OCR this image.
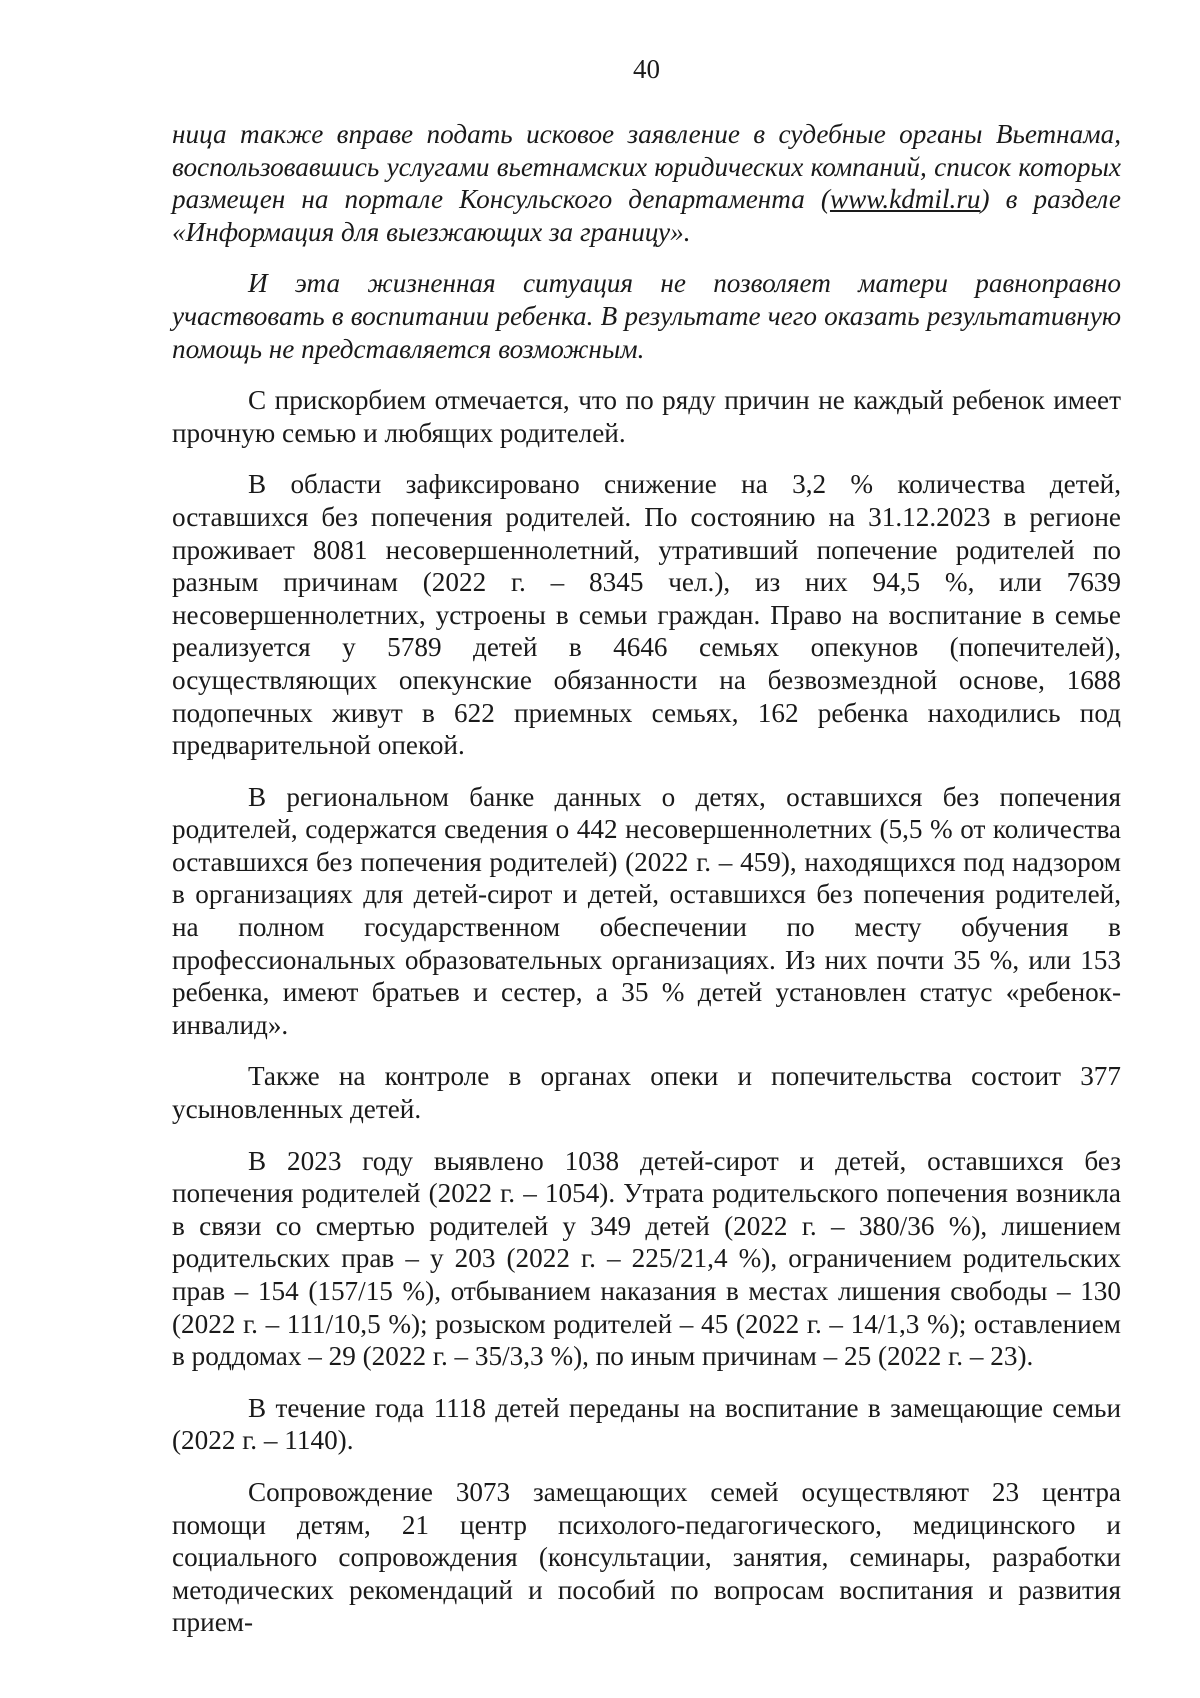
40

ница также вправе подать исковое заявление в судебные органы Вьетнама, воспользовавшись услугами вьетнамских юридических компаний, список которых размещен на портале Консульского департамента (www.kdmil.ru) в разделе «Информация для выезжающих за границу».

И эта жизненная ситуация не позволяет матери равноправно участвовать в воспитании ребенка. В результате чего оказать результативную помощь не представляется возможным.

С прискорбием отмечается, что по ряду причин не каждый ребенок имеет прочную семью и любящих родителей.

В области зафиксировано снижение на 3,2 % количества детей, оставшихся без попечения родителей. По состоянию на 31.12.2023 в регионе проживает 8081 несовершеннолетний, утративший попечение родителей по разным причинам (2022 г. – 8345 чел.), из них 94,5 %, или 7639 несовершеннолетних, устроены в семьи граждан. Право на воспитание в семье реализуется у 5789 детей в 4646 семьях опекунов (попечителей), осуществляющих опекунские обязанности на безвозмездной основе, 1688 подопечных живут в 622 приемных семьях, 162 ребенка находились под предварительной опекой.

В региональном банке данных о детях, оставшихся без попечения родителей, содержатся сведения о 442 несовершеннолетних (5,5 % от количества оставшихся без попечения родителей) (2022 г. – 459), находящихся под надзором в организациях для детей-сирот и детей, оставшихся без попечения родителей, на полном государственном обеспечении по месту обучения в профессиональных образовательных организациях. Из них почти 35 %, или 153 ребенка, имеют братьев и сестер, а 35 % детей установлен статус «ребенок-инвалид».

Также на контроле в органах опеки и попечительства состоит 377 усыновленных детей.

В 2023 году выявлено 1038 детей-сирот и детей, оставшихся без попечения родителей (2022 г. – 1054). Утрата родительского попечения возникла в связи со смертью родителей у 349 детей (2022 г. – 380/36 %), лишением родительских прав – у 203 (2022 г. – 225/21,4 %), ограничением родительских прав – 154 (157/15 %), отбыванием наказания в местах лишения свободы – 130 (2022 г. – 111/10,5 %); розыском родителей – 45 (2022 г. – 14/1,3 %); оставлением в роддомах – 29 (2022 г. – 35/3,3 %), по иным причинам – 25 (2022 г. – 23).

В течение года 1118 детей переданы на воспитание в замещающие семьи (2022 г. – 1140).

Сопровождение 3073 замещающих семей осуществляют 23 центра помощи детям, 21 центр психолого-педагогического, медицинского и социального сопровождения (консультации, занятия, семинары, разработки методических рекомендаций и пособий по вопросам воспитания и развития прием-
